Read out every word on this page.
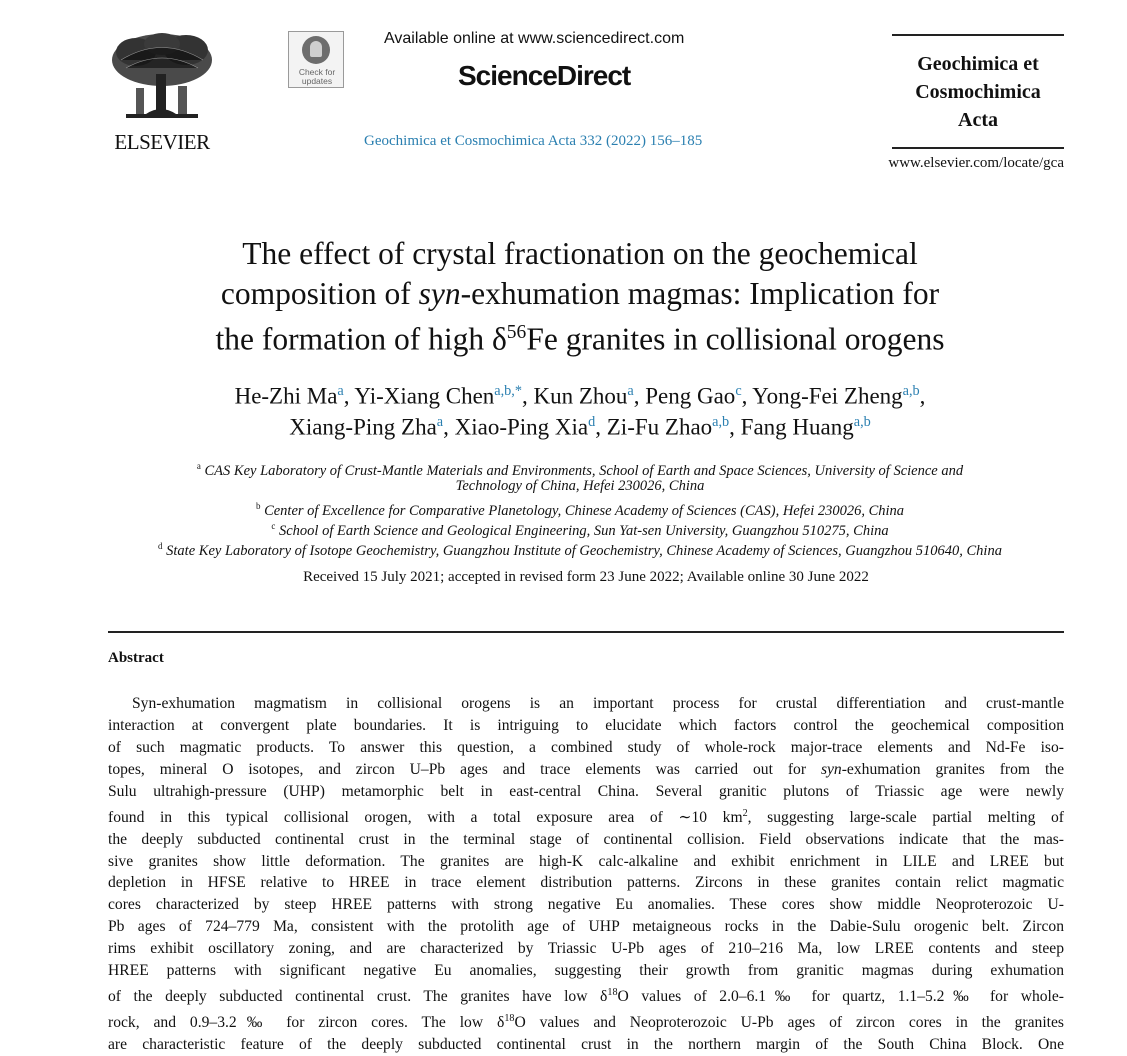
ELSEVIER
Check for
updates
Available online at www.sciencedirect.com
ScienceDirect
Geochimica et Cosmochimica Acta 332 (2022) 156–185
Geochimica et
Cosmochimica
Acta
www.elsevier.com/locate/gca
The effect of crystal fractionation on the geochemical
composition of syn-exhumation magmas: Implication for
the formation of high $\delta^{56}Fe$ granites in collisional orogens
He-Zhi Ma$^a$, Yi-Xiang Chen$^{a,b,*}$, Kun Zhou$^a$, Peng Gao$^c$, Yong-Fei Zheng$^{a,b}$,
Xiang-Ping Zha$^a$, Xiao-Ping Xia$^d$, Zi-Fu Zhao$^{a,b}$, Fang Huang$^{a,b}$
$^a$ CAS Key Laboratory of Crust-Mantle Materials and Environments, School of Earth and Space Sciences, University of Science and
Technology of China, Hefei 230026, China
$^b$ Center of Excellence for Comparative Planetology, Chinese Academy of Sciences (CAS), Hefei 230026, China
$^c$ School of Earth Science and Geological Engineering, Sun Yat-sen University, Guangzhou 510275, China
$^d$ State Key Laboratory of Isotope Geochemistry, Guangzhou Institute of Geochemistry, Chinese Academy of Sciences, Guangzhou 510640, China
Received 15 July 2021; accepted in revised form 23 June 2022; Available online 30 June 2022
Abstract
Syn-exhumation magmatism in collisional orogens is an important process for crustal differentiation and crust-mantle
interaction at convergent plate boundaries. It is intriguing to elucidate which factors control the geochemical composition
of such magmatic products. To answer this question, a combined study of whole-rock major-trace elements and Nd-Fe iso-
topes, mineral O isotopes, and zircon U–Pb ages and trace elements was carried out for syn-exhumation granites from the
Sulu ultrahigh-pressure (UHP) metamorphic belt in east-central China. Several granitic plutons of Triassic age were newly
found in this typical collisional orogen, with a total exposure area of ∼10 $km^2$, suggesting large-scale partial melting of
the deeply subducted continental crust in the terminal stage of continental collision. Field observations indicate that the mas-
sive granites show little deformation. The granites are high-K calc-alkaline and exhibit enrichment in LILE and LREE but
depletion in HFSE relative to HREE in trace element distribution patterns. Zircons in these granites contain relict magmatic
cores characterized by steep HREE patterns with strong negative Eu anomalies. These cores show middle Neoproterozoic U-
Pb ages of 724–779 Ma, consistent with the protolith age of UHP metaigneous rocks in the Dabie-Sulu orogenic belt. Zircon
rims exhibit oscillatory zoning, and are characterized by Triassic U-Pb ages of 210–216 Ma, low LREE contents and steep
HREE patterns with significant negative Eu anomalies, suggesting their growth from granitic magmas during exhumation
of the deeply subducted continental crust. The granites have low $\delta^{18}O$ values of 2.0–6.1‰ for quartz, 1.1–5.2‰ for whole-
rock, and 0.9–3.2‰ for zircon cores. The low $\delta^{18}O$ values and Neoproterozoic U-Pb ages of zircon cores in the granites
are characteristic feature of the deeply subducted continental crust in the northern margin of the South China Block. One
